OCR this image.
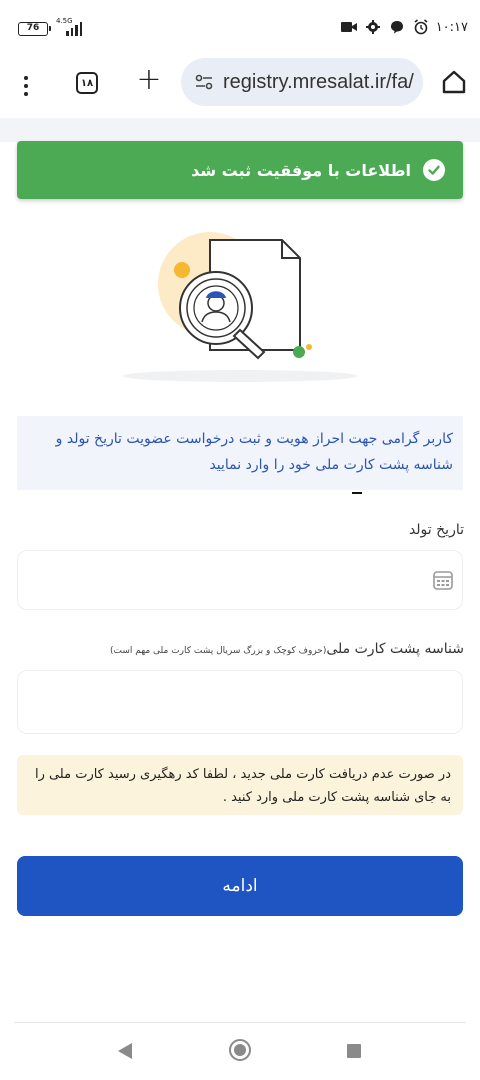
76
4.5G	۱۰:۱۷
۱۸ +	registry.mresalat.ir/fa/
اطلاعات با موفقیت ثبت شد
کاربر گرامی جهت احراز هویت و ثبت درخواست عضویت تاریخ تولد و شناسه پشت کارت ملی خود را وارد نمایید
تاریخ تولد
شناسه پشت کارت ملی(حروف کوچک و بزرگ سریال پشت کارت ملی مهم است)
در صورت عدم دریافت کارت ملی جدید ، لطفا کد رهگیری رسید کارت ملی را به جای شناسه پشت کارت ملی وارد کنید .
ادامه
